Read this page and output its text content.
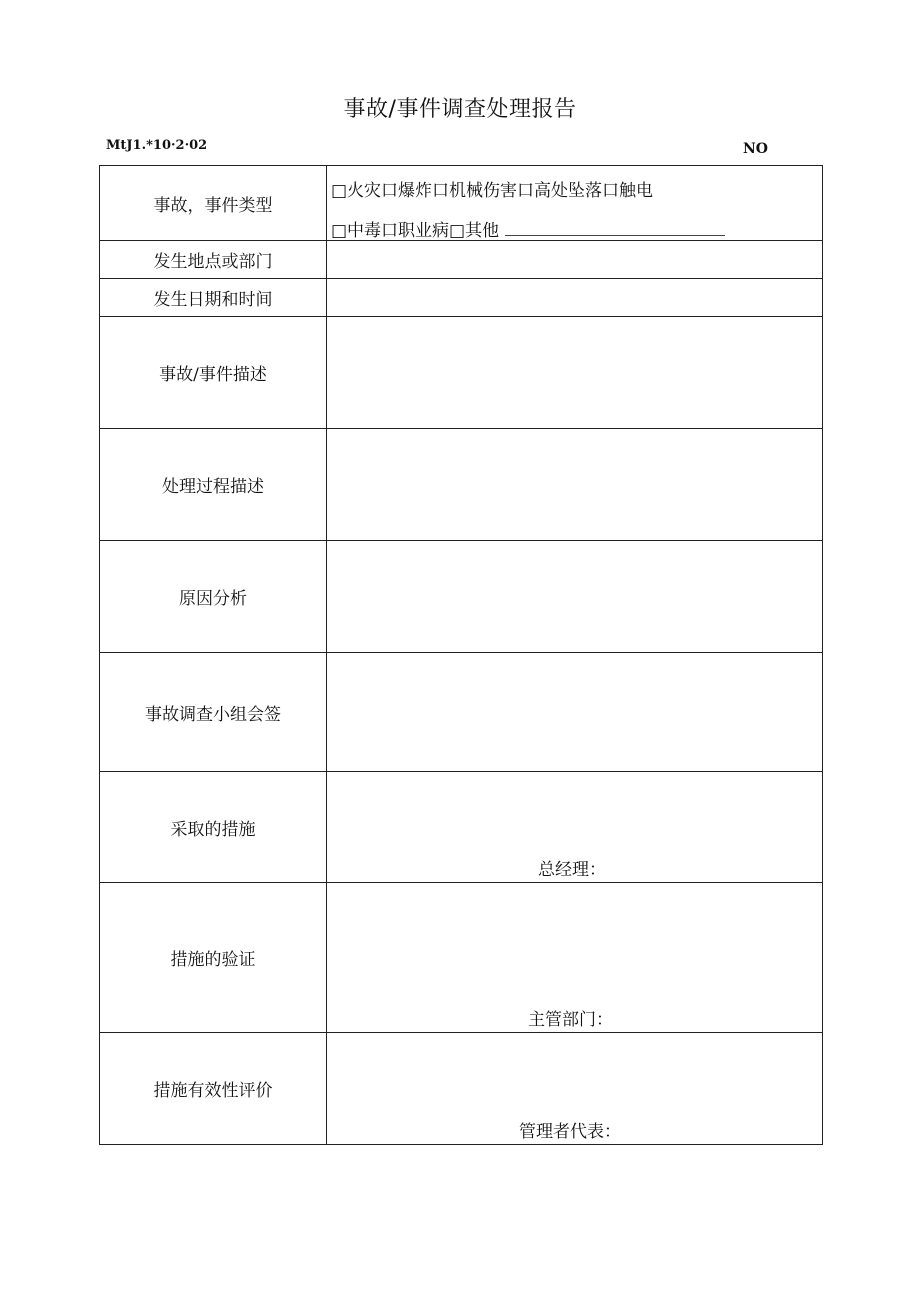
事故/事件调查处理报告
MtJ1.*10·2·02	NO
事故，事件类型	□火灾口爆炸口机械伤害口高处坠落口触电
□中毒口职业病□其他

发生地点或部门	
发生日期和时间	
事故/事件描述	
处理过程描述	
原因分析	
事故调查小组会签	
采取的措施	总经理：

措施的验证	主管部门：

措施有效性评价	管理者代表：
